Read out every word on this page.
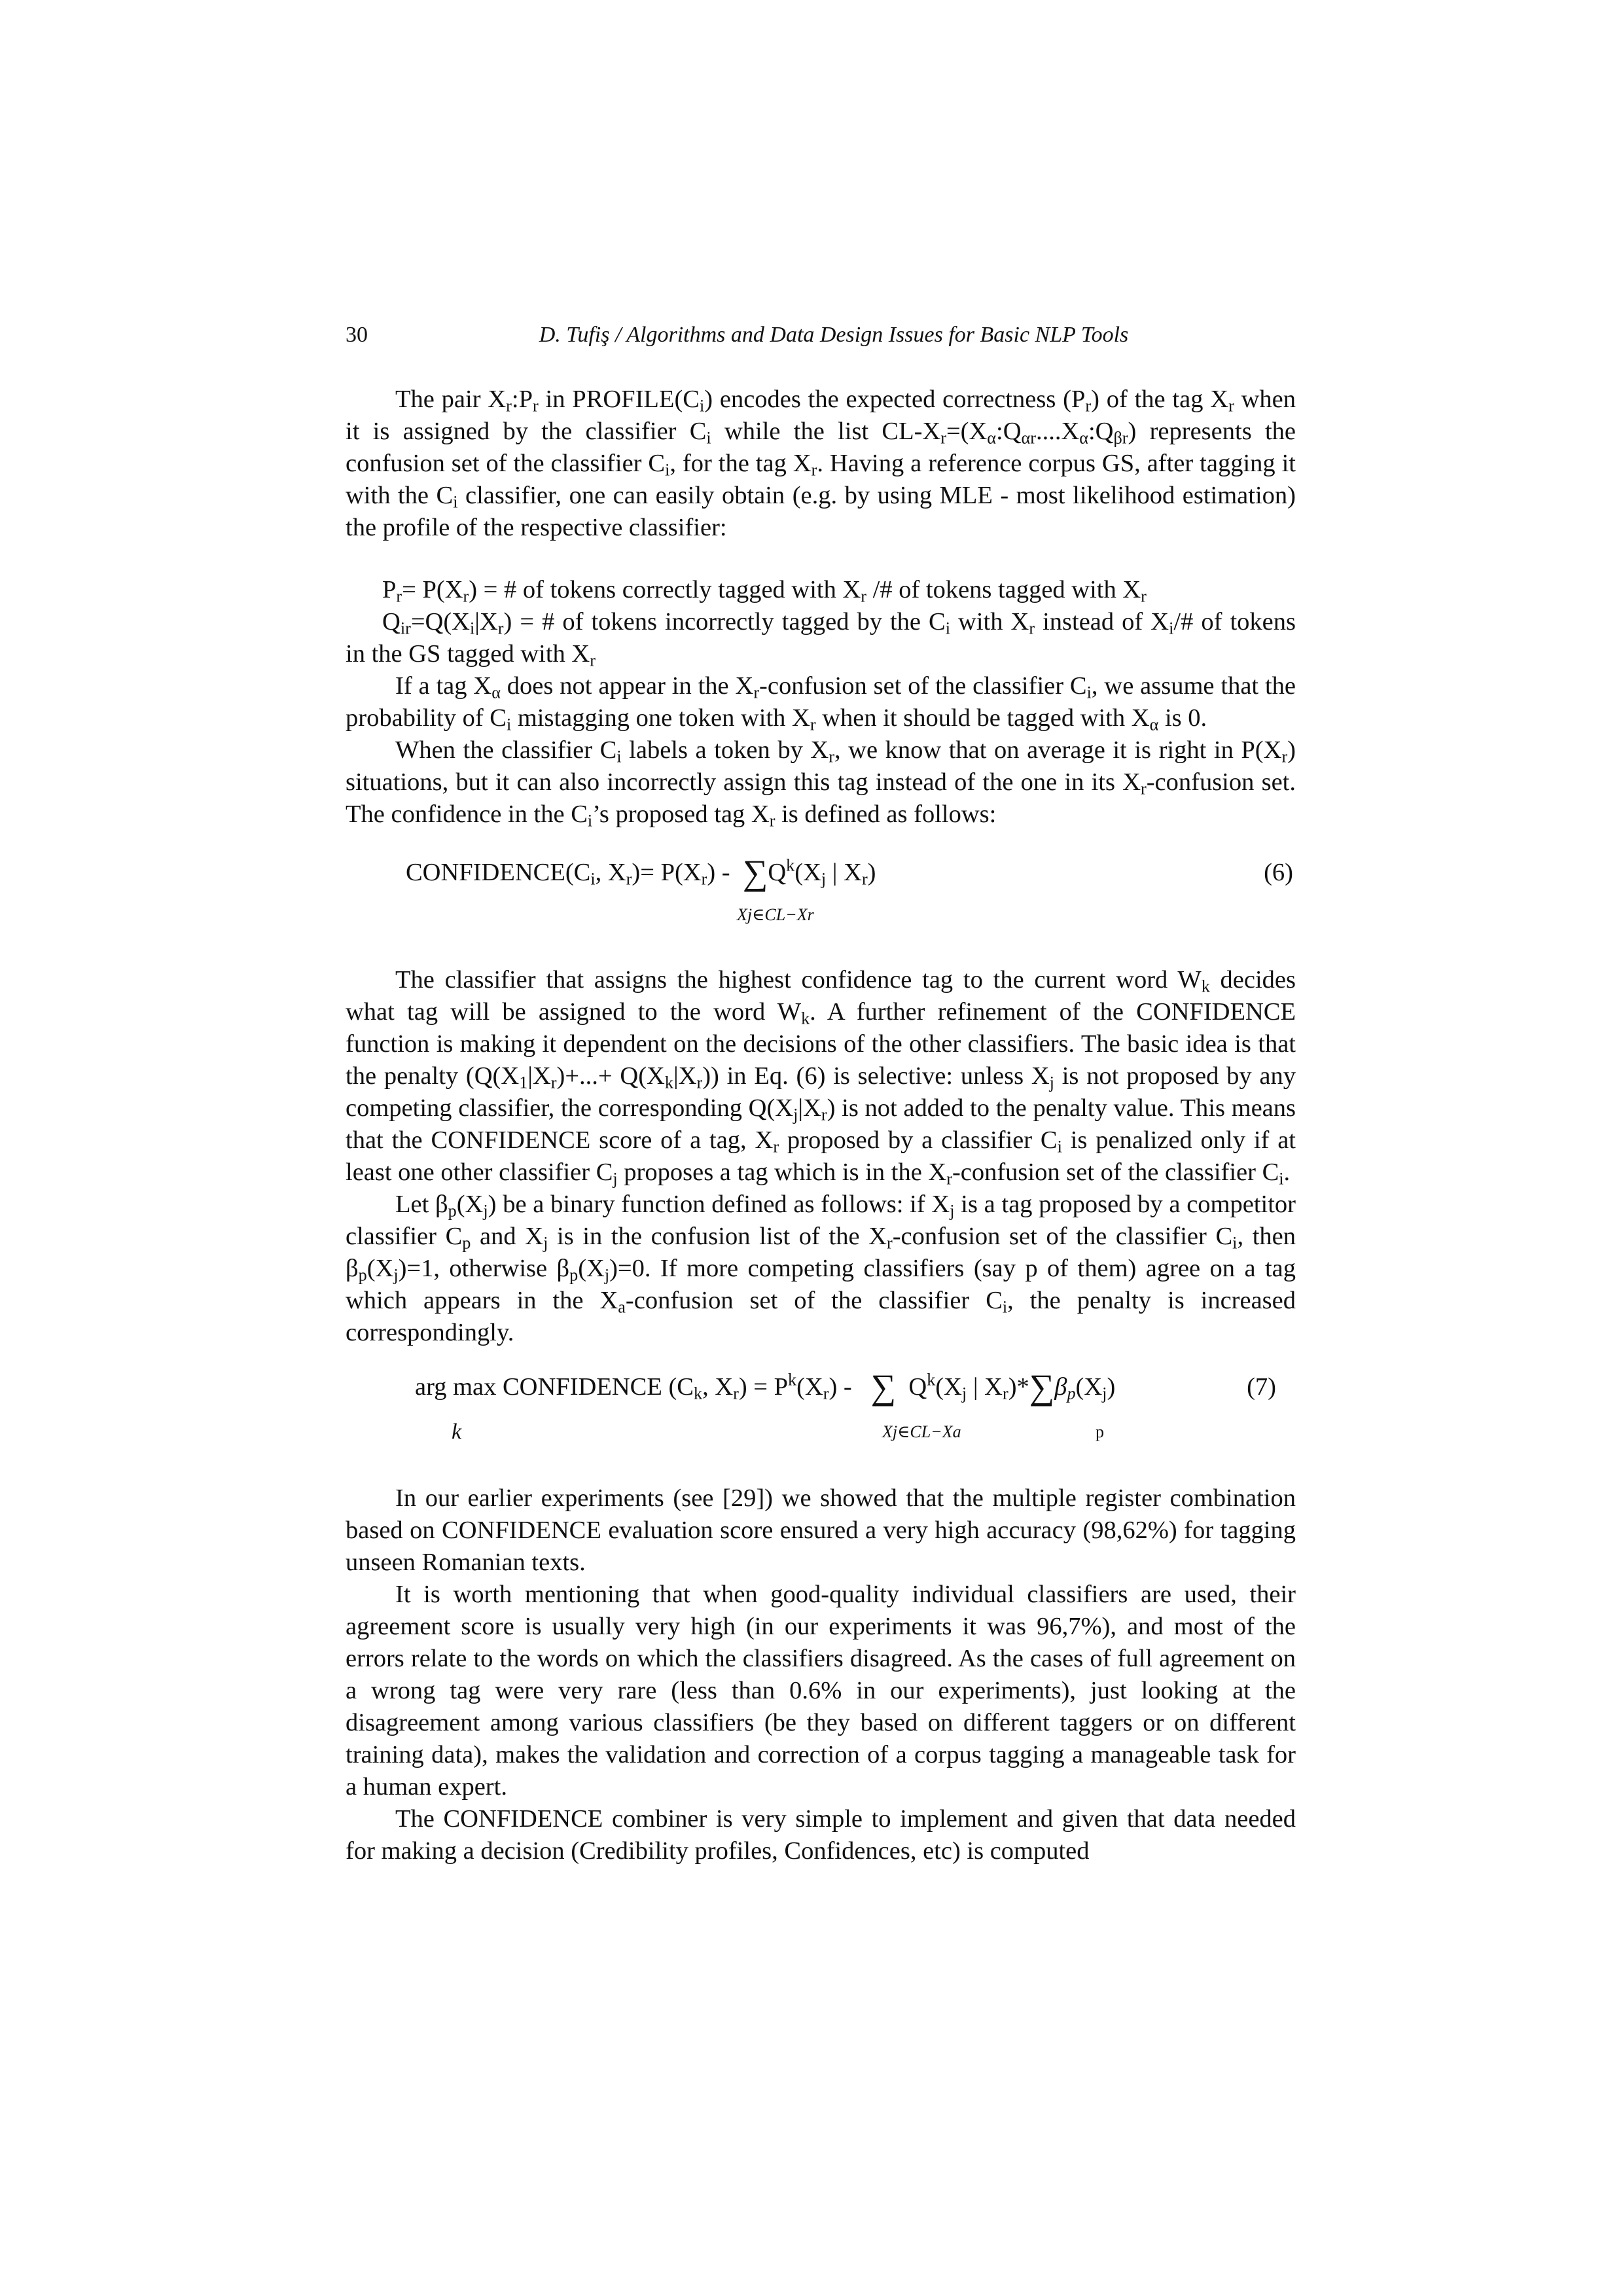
30	D. Tufiş / Algorithms and Data Design Issues for Basic NLP Tools

The pair $X_r:P_r$ in $PROFILE(C_i)$ encodes the expected correctness $(P_r)$ of the tag $X_r$ when it is assigned by the classifier $C_i$ while the list $CL-X_r=(X_\alpha:Q_{\alpha r}....X_\alpha:Q_{\beta r})$ represents the confusion set of the classifier $C_i$, for the tag $X_r$. Having a reference corpus GS, after tagging it with the $C_i$ classifier, one can easily obtain (e.g. by using MLE - most likelihood estimation) the profile of the respective classifier:

$P_r= P(X_r)$ = # of tokens correctly tagged with $X_r$ /# of tokens tagged with $X_r$

$Q_{ir}=Q(X_i|X_r)$ = # of tokens incorrectly tagged by the $C_i$ with $X_r$ instead of $X_i/\#$ of tokens in the GS tagged with $X_r$

If a tag $X_\alpha$ does not appear in the $X_r$-confusion set of the classifier $C_i$, we assume that the probability of $C_i$ mistagging one token with $X_r$ when it should be tagged with $X_\alpha$ is 0.

When the classifier $C_i$ labels a token by $X_r$, we know that on average it is right in $P(X_r)$ situations, but it can also incorrectly assign this tag instead of the one in its $X_r$-confusion set. The confidence in the $C_i’s$ proposed tag $X_r$ is defined as follows:

$CONFIDENCE(C_i$, $X_r)= P(X_r) - \sum Q^k(X_j$ | $X_r$)
Xj∈CL−Xr
(6)

The classifier that assigns the highest confidence tag to the current word $W_k$ decides what tag will be assigned to the word $W_k$. A further refinement of the CONFIDENCE function is making it dependent on the decisions of the other classifiers. The basic idea is that the penalty $(Q(X_1|X_r)+...+ Q(X_k|X_r))$ in Eq. (6) is selective: unless $X_j$ is not proposed by any competing classifier, the corresponding $Q(X_j|X_r)$ is not added to the penalty value. This means that the CONFIDENCE score of a tag, $X_r$ proposed by a classifier $C_i$ is penalized only if at least one other classifier $C_j$ proposes a tag which is in the $X_r$-confusion set of the classifier $C_i$.

Let $\beta_p(X_j)$ be a binary function defined as follows: if $X_j$ is a tag proposed by a competitor classifier $C_p$ and $X_j$ is in the confusion list of the $X_r$-confusion set of the classifier $C_i$, then $\beta_p(X_j)=1$, otherwise $\beta_p(X_j)=0$. If more competing classifiers (say p of them) agree on a tag which appears in the $X_a$-confusion set of the classifier $C_i$, the penalty is increased correspondingly.

arg max CONFIDENCE ($C_k$, $X_r) = P^k(X_r)$ - ∑ $Q^k(X_j$ | $X_r)*\sum\beta_p(X_j)$
k	Xj∈CL−Xa	p
(7)

In our earlier experiments (see [29]) we showed that the multiple register combination based on CONFIDENCE evaluation score ensured a very high accuracy (98,62%) for tagging unseen Romanian texts.

It is worth mentioning that when good-quality individual classifiers are used, their agreement score is usually very high (in our experiments it was 96,7%), and most of the errors relate to the words on which the classifiers disagreed. As the cases of full agreement on a wrong tag were very rare (less than 0.6% in our experiments), just looking at the disagreement among various classifiers (be they based on different taggers or on different training data), makes the validation and correction of a corpus tagging a manageable task for a human expert.

The CONFIDENCE combiner is very simple to implement and given that data needed for making a decision (Credibility profiles, Confidences, etc) is computed
